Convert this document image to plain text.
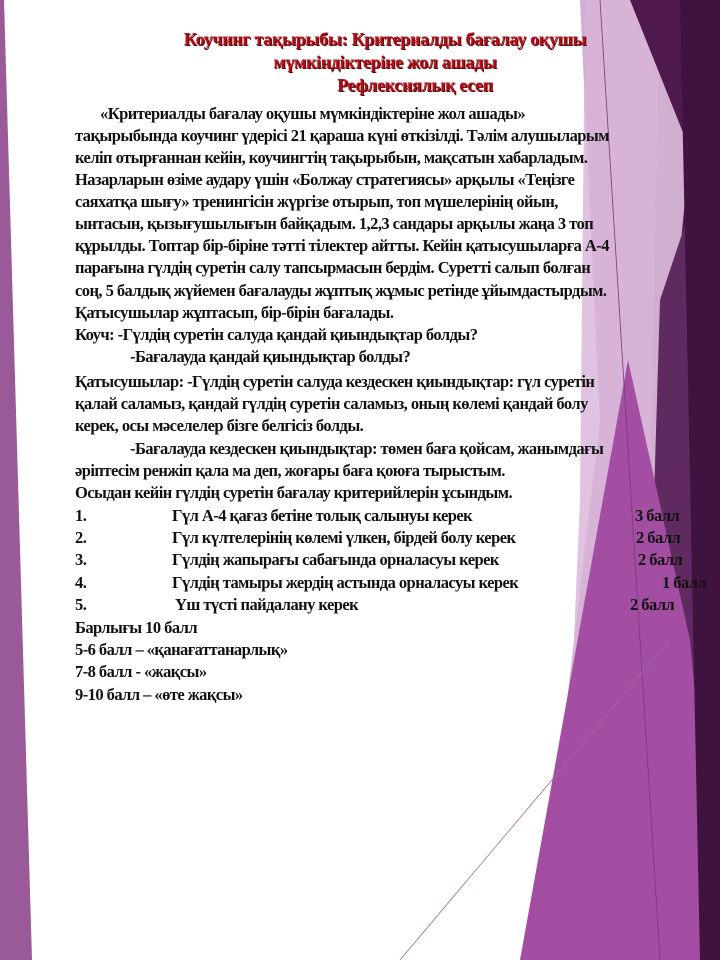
Коучинг тақырыбы: Критериалды бағалау оқушы
мүмкіндіктеріне жол ашады
Рефлексиялық есеп
«Критериалды бағалау оқушы мүмкіндіктеріне жол ашады»
тақырыбында коучинг үдерісі 21 қараша күні өткізілді. Тәлім алушыларым
келіп отырғаннан кейін, коучингтің тақырыбын, мақсатын хабарладым.
Назарларын өзіме аудару үшін «Болжау стратегиясы» арқылы «Теңізге
саяхатқа шығу» тренингісін жүргізе отырып, топ мүшелерінің ойын,
ынтасын, қызығушылығын байқадым. 1,2,3 сандары арқылы жаңа 3 топ
құрылды. Топтар бір-біріне тәтті тілектер айтты. Кейін қатысушыларға А-4
парағына гүлдің суретін салу тапсырмасын бердім. Суретті салып болған
соң, 5 балдық жүйемен бағалауды жұптық жұмыс ретінде ұйымдастырдым.
Қатысушылар жұптасып, бір-бірін бағалады.
Коуч: -Гүлдің суретін салуда қандай қиындықтар болды?
-Бағалауда қандай қиындықтар болды?
Қатысушылар: -Гүлдің суретін салуда кездескен қиындықтар: гүл суретін
қалай саламыз, қандай гүлдің суретін саламыз, оның көлемі қандай болу
керек, осы мәселелер бізге белгісіз болды.
-Бағалауда кездескен қиындықтар: төмен баға қойсам, жанымдағы
әріптесім ренжіп қала ма деп, жоғары баға қоюға тырыстым.
Осыдан кейін гүлдің суретін бағалау критерийлерін ұсындым.
1.	Гүл А-4 қағаз бетіне толық салынуы керек	3 балл
2.	Гүл күлтелерінің көлемі үлкен, бірдей болу керек	2 балл
3.	Гүлдің жапырағы сабағында орналасуы керек	2 балл
4.	Гүлдің тамыры жердің астында орналасуы керек	1 балл
5.	Үш түсті пайдалану керек	2 балл
Барлығы 10 балл
5-6 балл – «қанағаттанарлық»
7-8 балл - «жақсы»
9-10 балл – «өте жақсы»
